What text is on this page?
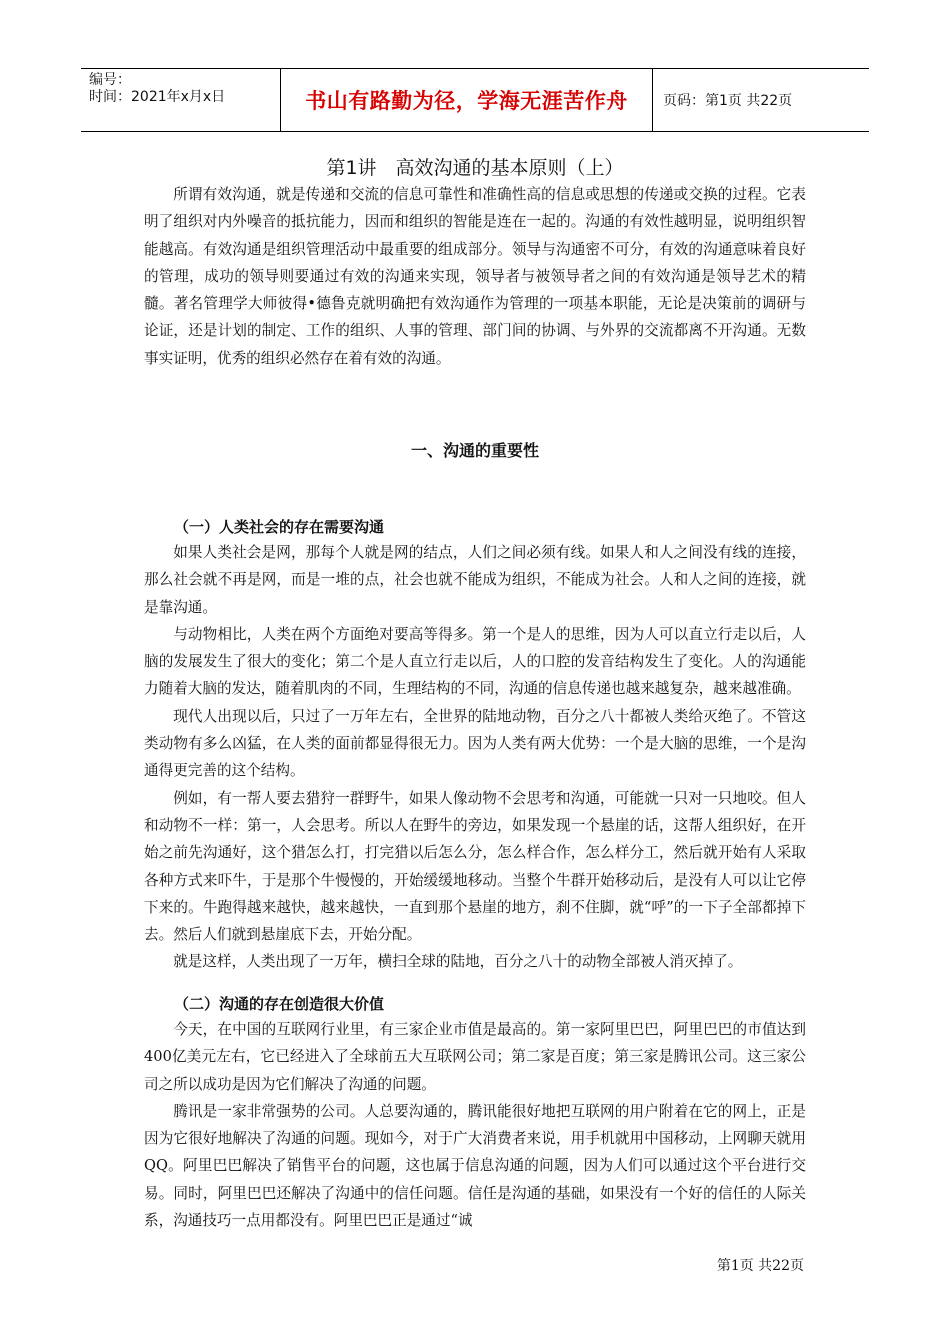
编号：
时间：2021年x月x日	书山有路勤为径，学海无涯苦作舟	页码：第1页 共22页
第1讲　高效沟通的基本原则（上）

所谓有效沟通，就是传递和交流的信息可靠性和准确性高的信息或思想的传递或交换的过程。它表明了组织对内外噪音的抵抗能力，因而和组织的智能是连在一起的。沟通的有效性越明显，说明组织智能越高。有效沟通是组织管理活动中最重要的组成部分。领导与沟通密不可分，有效的沟通意味着良好的管理，成功的领导则要通过有效的沟通来实现，领导者与被领导者之间的有效沟通是领导艺术的精髓。著名管理学大师彼得•德鲁克就明确把有效沟通作为管理的一项基本职能，无论是决策前的调研与论证，还是计划的制定、工作的组织、人事的管理、部门间的协调、与外界的交流都离不开沟通。无数事实证明，优秀的组织必然存在着有效的沟通。

一、沟通的重要性
（一）人类社会的存在需要沟通

如果人类社会是网，那每个人就是网的结点，人们之间必须有线。如果人和人之间没有线的连接，那么社会就不再是网，而是一堆的点，社会也就不能成为组织，不能成为社会。人和人之间的连接，就是靠沟通。

与动物相比，人类在两个方面绝对要高等得多。第一个是人的思维，因为人可以直立行走以后，人脑的发展发生了很大的变化；第二个是人直立行走以后，人的口腔的发音结构发生了变化。人的沟通能力随着大脑的发达，随着肌肉的不同，生理结构的不同，沟通的信息传递也越来越复杂，越来越准确。

现代人出现以后，只过了一万年左右，全世界的陆地动物，百分之八十都被人类给灭绝了。不管这类动物有多么凶猛，在人类的面前都显得很无力。因为人类有两大优势：一个是大脑的思维，一个是沟通得更完善的这个结构。

例如，有一帮人要去猎狩一群野牛，如果人像动物不会思考和沟通，可能就一只对一只地咬。但人和动物不一样：第一，人会思考。所以人在野牛的旁边，如果发现一个悬崖的话，这帮人组织好，在开始之前先沟通好，这个猎怎么打，打完猎以后怎么分，怎么样合作，怎么样分工，然后就开始有人采取各种方式来吓牛，于是那个牛慢慢的，开始缓缓地移动。当整个牛群开始移动后，是没有人可以让它停下来的。牛跑得越来越快，越来越快，一直到那个悬崖的地方，刹不住脚，就“呼”的一下子全部都掉下去。然后人们就到悬崖底下去，开始分配。

就是这样，人类出现了一万年，横扫全球的陆地，百分之八十的动物全部被人消灭掉了。

（二）沟通的存在创造很大价值

今天，在中国的互联网行业里，有三家企业市值是最高的。第一家阿里巴巴，阿里巴巴的市值达到400亿美元左右，它已经进入了全球前五大互联网公司；第二家是百度；第三家是腾讯公司。这三家公司之所以成功是因为它们解决了沟通的问题。

腾讯是一家非常强势的公司。人总要沟通的，腾讯能很好地把互联网的用户附着在它的网上，正是因为它很好地解决了沟通的问题。现如今，对于广大消费者来说，用手机就用中国移动，上网聊天就用QQ。阿里巴巴解决了销售平台的问题，这也属于信息沟通的问题，因为人们可以通过这个平台进行交易。同时，阿里巴巴还解决了沟通中的信任问题。信任是沟通的基础，如果没有一个好的信任的人际关系，沟通技巧一点用都没有。阿里巴巴正是通过“诚

第1页 共22页
